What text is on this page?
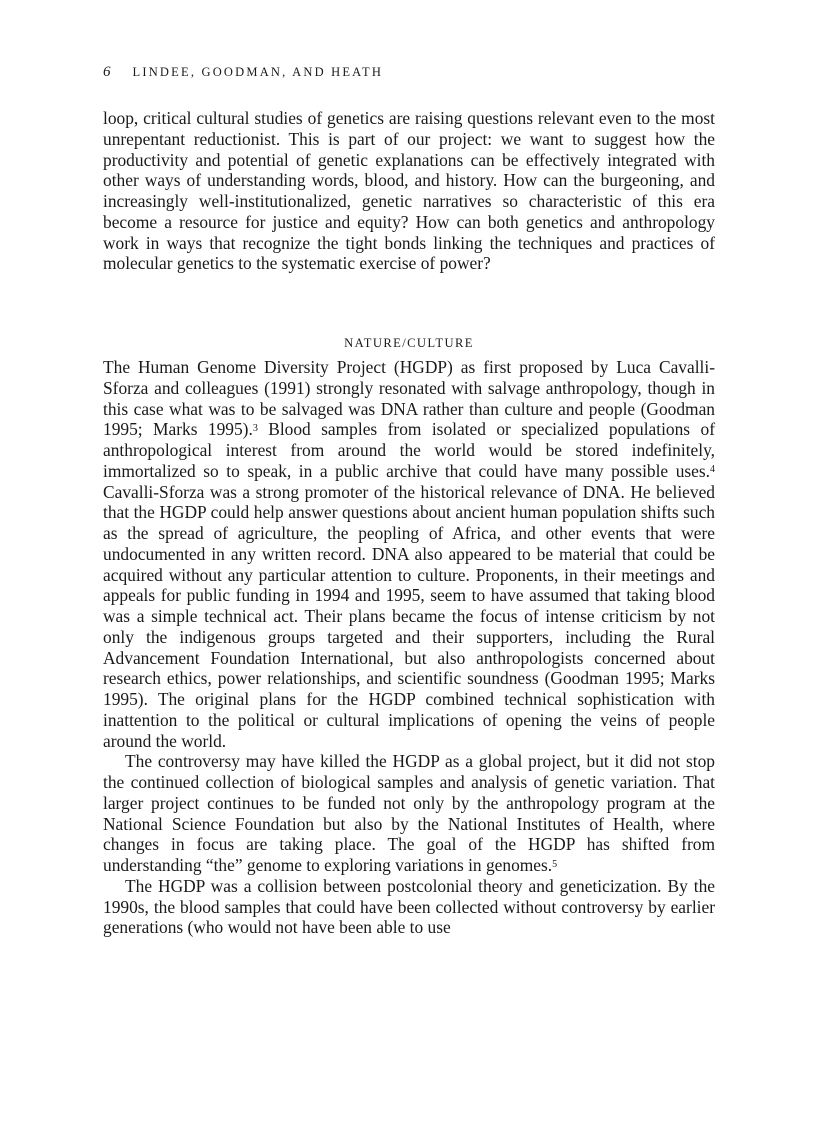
6 LINDEE, GOODMAN, AND HEATH

loop, critical cultural studies of genetics are raising questions relevant even to the most unrepentant reductionist. This is part of our project: we want to suggest how the productivity and potential of genetic explanations can be effectively integrated with other ways of understanding words, blood, and history. How can the burgeoning, and increasingly well-institutionalized, genetic narratives so characteristic of this era become a resource for justice and equity? How can both genetics and anthropology work in ways that recognize the tight bonds linking the techniques and practices of molecular genetics to the systematic exercise of power?

NATURE/CULTURE

The Human Genome Diversity Project (HGDP) as first proposed by Luca Cavalli-Sforza and colleagues (1991) strongly resonated with salvage anthropology, though in this case what was to be salvaged was DNA rather than culture and people (Goodman 1995; Marks 1995).$^3$ Blood samples from isolated or specialized populations of anthropological interest from around the world would be stored indefinitely, immortalized so to speak, in a public archive that could have many possible uses.$^4$ Cavalli-Sforza was a strong promoter of the historical relevance of DNA. He believed that the HGDP could help answer questions about ancient human population shifts such as the spread of agriculture, the peopling of Africa, and other events that were undocumented in any written record. DNA also appeared to be material that could be acquired without any particular attention to culture. Proponents, in their meetings and appeals for public funding in 1994 and 1995, seem to have assumed that taking blood was a simple technical act. Their plans became the focus of intense criticism by not only the indigenous groups targeted and their supporters, including the Rural Advancement Foundation International, but also anthropologists concerned about research ethics, power relationships, and scientific soundness (Goodman 1995; Marks 1995). The original plans for the HGDP combined technical sophistication with inattention to the political or cultural implications of opening the veins of people around the world.

The controversy may have killed the HGDP as a global project, but it did not stop the continued collection of biological samples and analysis of genetic variation. That larger project continues to be funded not only by the anthropology program at the National Science Foundation but also by the National Institutes of Health, where changes in focus are taking place. The goal of the HGDP has shifted from understanding “the” genome to exploring variations in genomes.$^5$

The HGDP was a collision between postcolonial theory and geneticization. By the 1990s, the blood samples that could have been collected without controversy by earlier generations (who would not have been able to use
